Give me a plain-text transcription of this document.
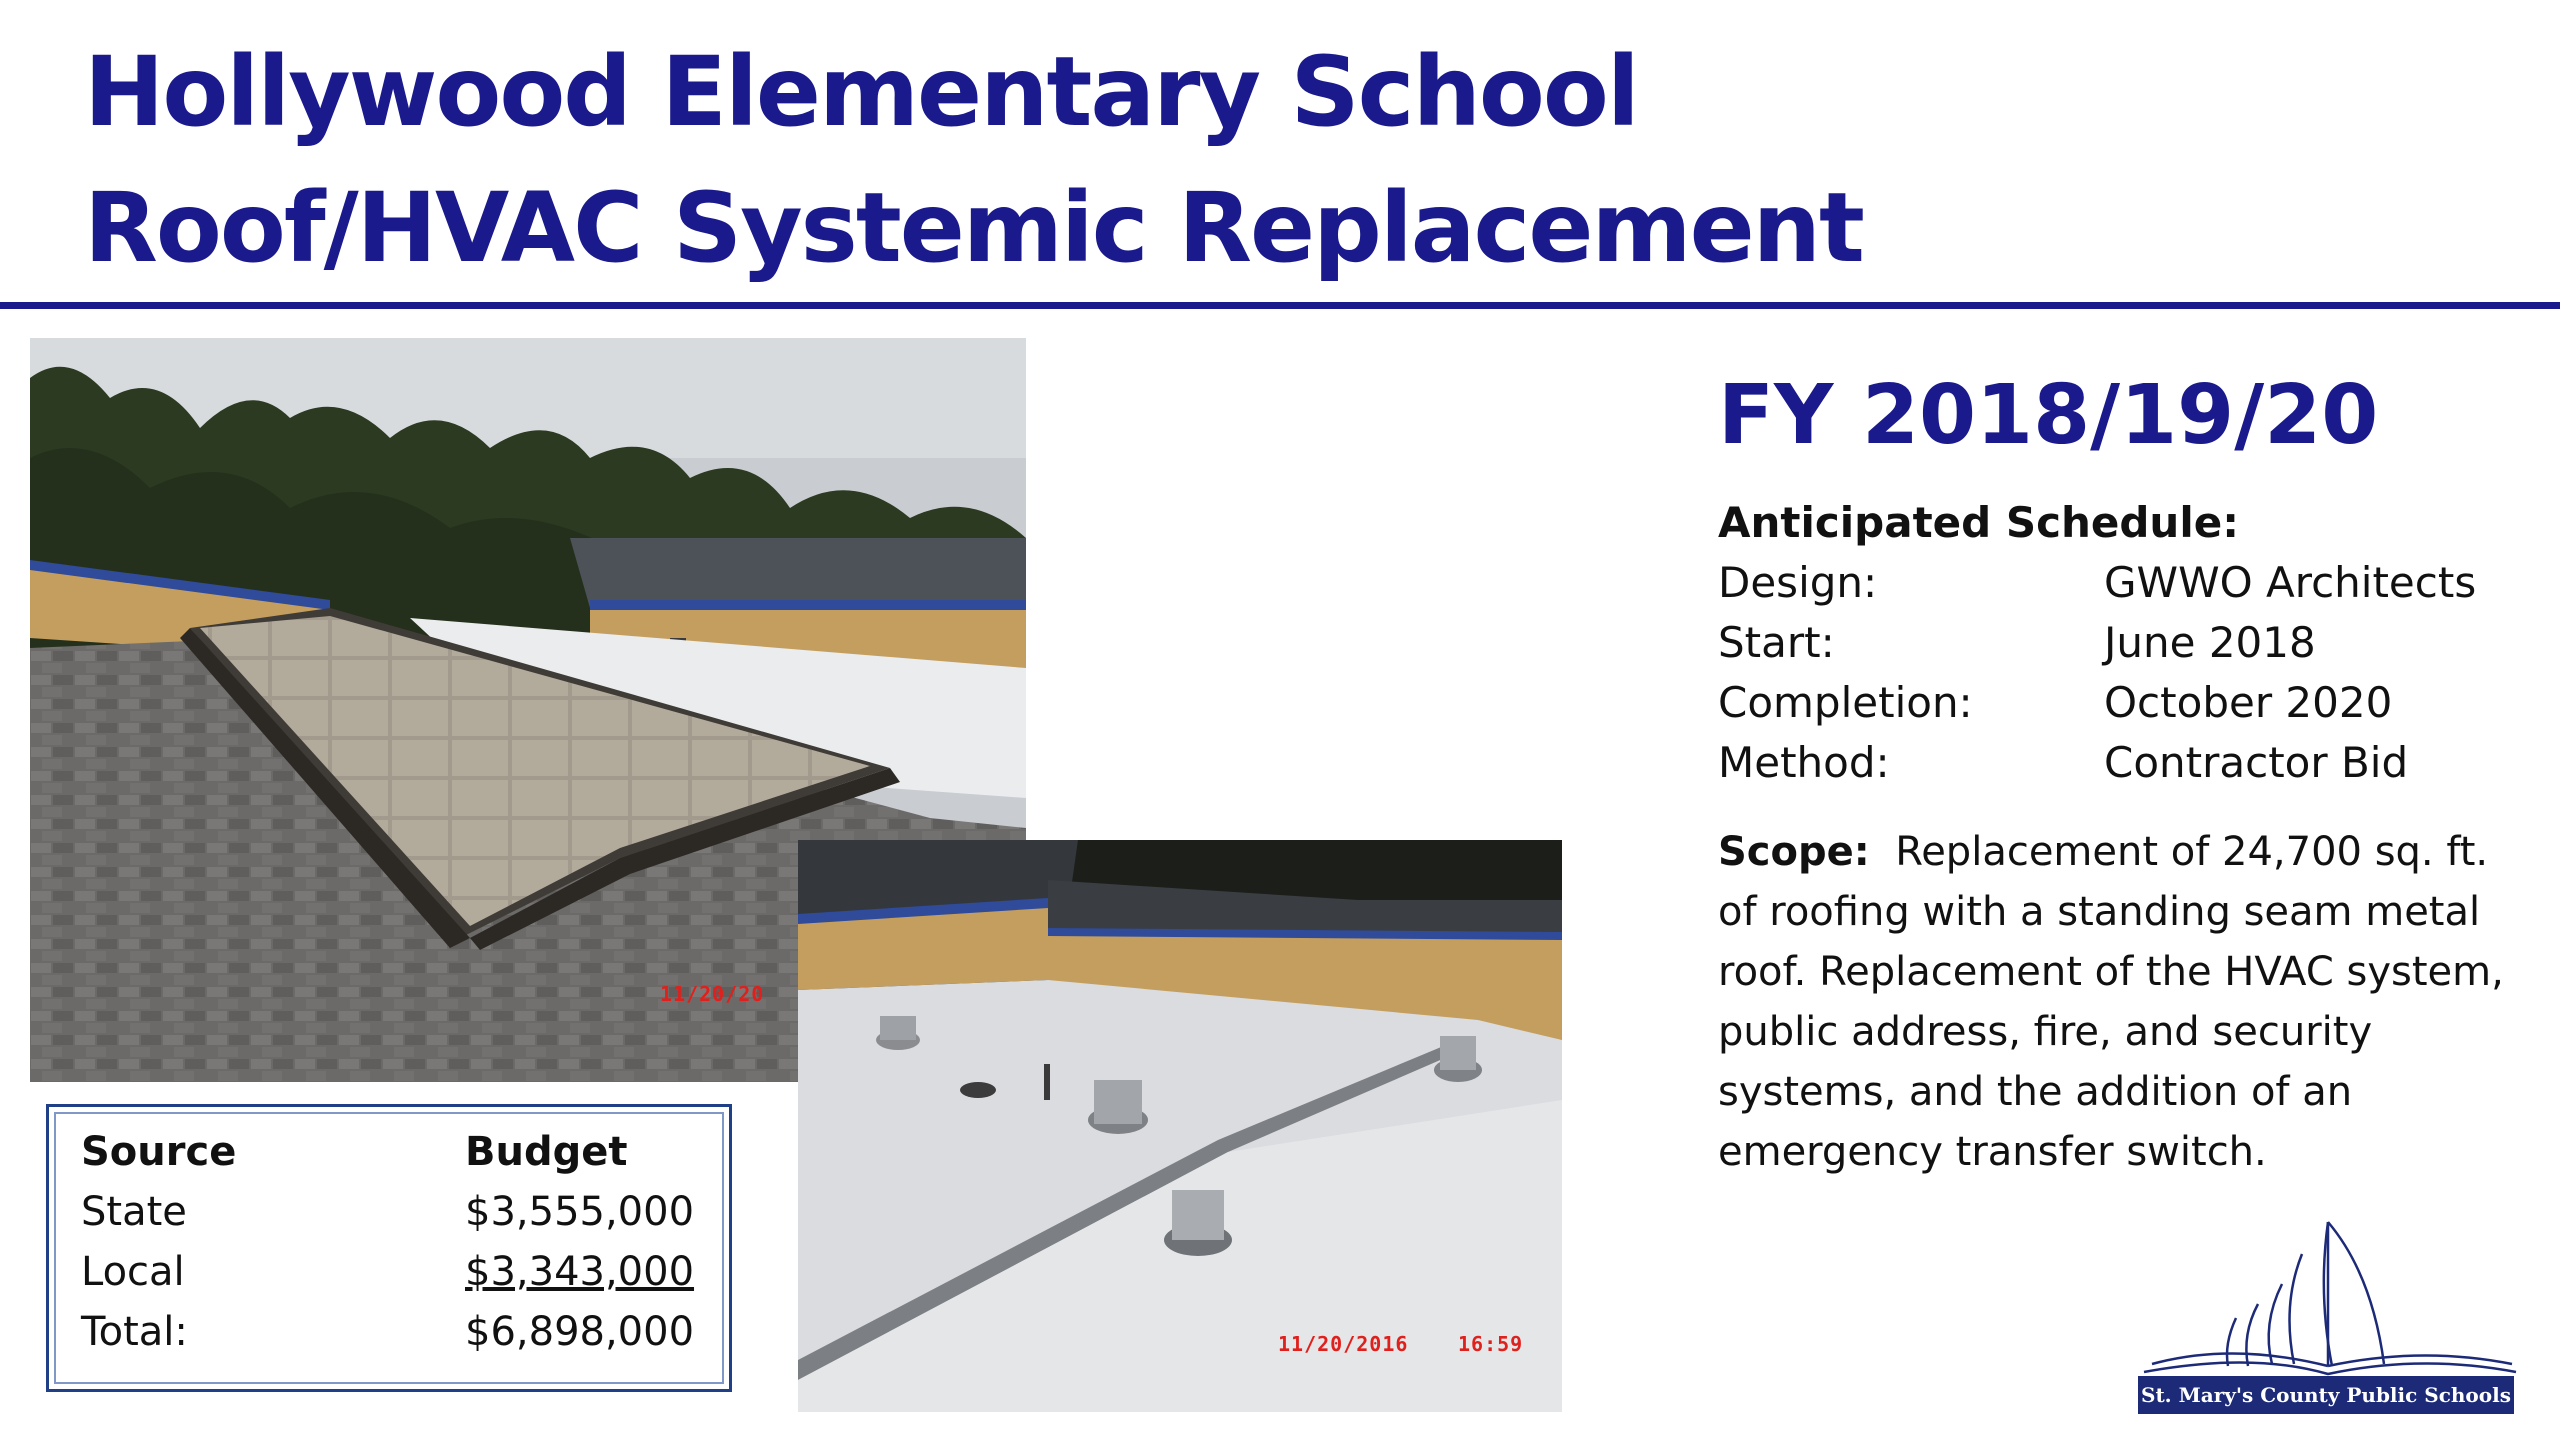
Hollywood Elementary School
Roof/HVAC Systemic Replacement
11/20/20
11/20/2016 16:59
Source	Budget
State	$3,555,000
Local	$3,343,000
Total:	$6,898,000
FY 2018/19/20
Anticipated Schedule:
Design:	GWWO Architects
Start:	June 2018
Completion:	October 2020
Method:	Contractor Bid
Scope: Replacement of 24,700 sq. ft. of roofing with a standing seam metal roof. Replacement of the HVAC system, public address, fire, and security systems, and the addition of an emergency transfer switch.
St. Mary's County Public Schools
